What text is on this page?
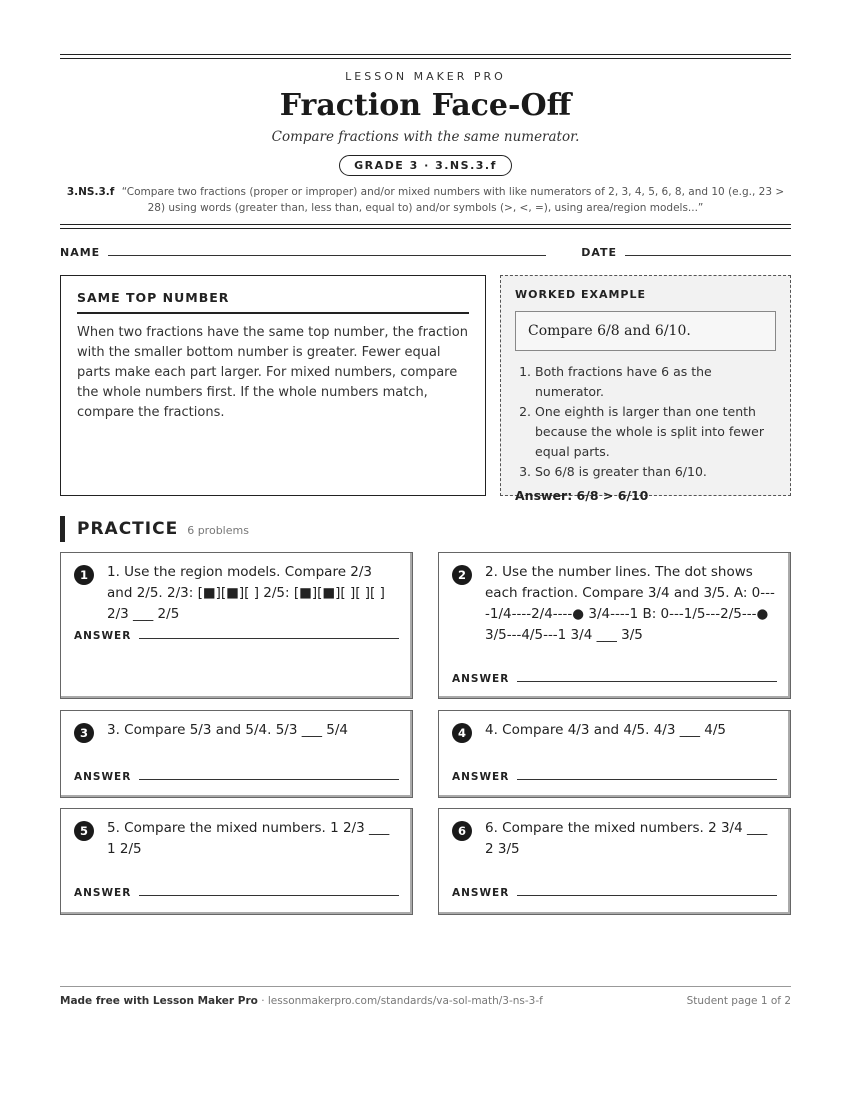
LESSON MAKER PRO
Fraction Face-Off
Compare fractions with the same numerator.
GRADE 3 · 3.NS.3.f
3.NS.3.f “Compare two fractions (proper or improper) and/or mixed numbers with like numerators of 2, 3, 4, 5, 6, 8, and 10 (e.g., 23 > 28) using words (greater than, less than, equal to) and/or symbols (>, <, =), using area/region models...”
NAME	DATE
SAME TOP NUMBER

When two fractions have the same top number, the fraction with the smaller bottom number is greater. Fewer equal parts make each part larger. For mixed numbers, compare the whole numbers first. If the whole numbers match, compare the fractions.

WORKED EXAMPLE
Compare 6/8 and 6/10.
1. Both fractions have 6 as the numerator.
2. One eighth is larger than one tenth because the whole is split into fewer equal parts.
3. So 6/8 is greater than 6/10.
Answer: 6/8 > 6/10
PRACTICE 6 problems
1	1. Use the region models. Compare 2/3 and 2/5. 2/3: [■][■][ ] 2/5: [■][■][ ][ ][ ] 2/3 ___ 2/5
ANSWER
2	2. Use the number lines. The dot shows each fraction. Compare 3/4 and 3/5. A: 0----1/4----2/4----● 3/4----1 B: 0---1/5---2/5---● 3/5---4/5---1 3/4 ___ 3/5
ANSWER
3	3. Compare 5/3 and 5/4. 5/3 ___ 5/4
ANSWER
4	4. Compare 4/3 and 4/5. 4/3 ___ 4/5
ANSWER
5	5. Compare the mixed numbers. 1 2/3 ___ 1 2/5
ANSWER
6	6. Compare the mixed numbers. 2 3/4 ___ 2 3/5
ANSWER
Made free with Lesson Maker Pro · lessonmakerpro.com/standards/va-sol-math/3-ns-3-f	Student page 1 of 2
